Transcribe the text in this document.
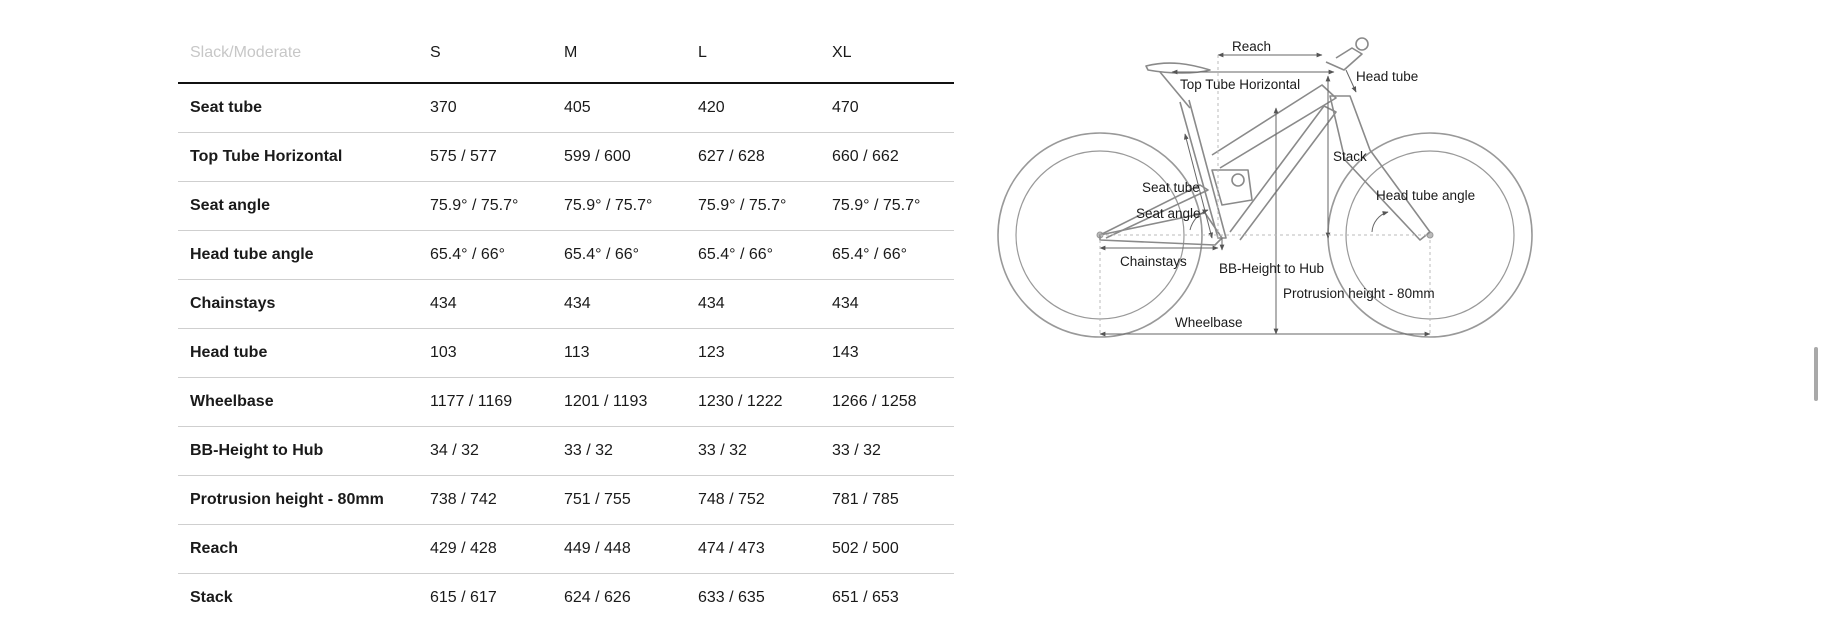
Slack/Moderate	S	M	L	XL
Seat tube	370	405	420	470
Top Tube Horizontal	575 / 577	599 / 600	627 / 628	660 / 662
Seat angle	75.9° / 75.7°	75.9° / 75.7°	75.9° / 75.7°	75.9° / 75.7°
Head tube angle	65.4° / 66°	65.4° / 66°	65.4° / 66°	65.4° / 66°
Chainstays	434	434	434	434
Head tube	103	113	123	143
Wheelbase	1177 / 1169	1201 / 1193	1230 / 1222	1266 / 1258
BB-Height to Hub	34 / 32	33 / 32	33 / 32	33 / 32
Protrusion height - 80mm	738 / 742	751 / 755	748 / 752	781 / 785
Reach	429 / 428	449 / 448	474 / 473	502 / 500
Stack	615 / 617	624 / 626	633 / 635	651 / 653
Reach
Top Tube Horizontal
Head tube
Stack
Seat tube
Seat angle
Head tube angle
Chainstays BB-Height to Hub
Protrusion height - 80mm
Wheelbase
